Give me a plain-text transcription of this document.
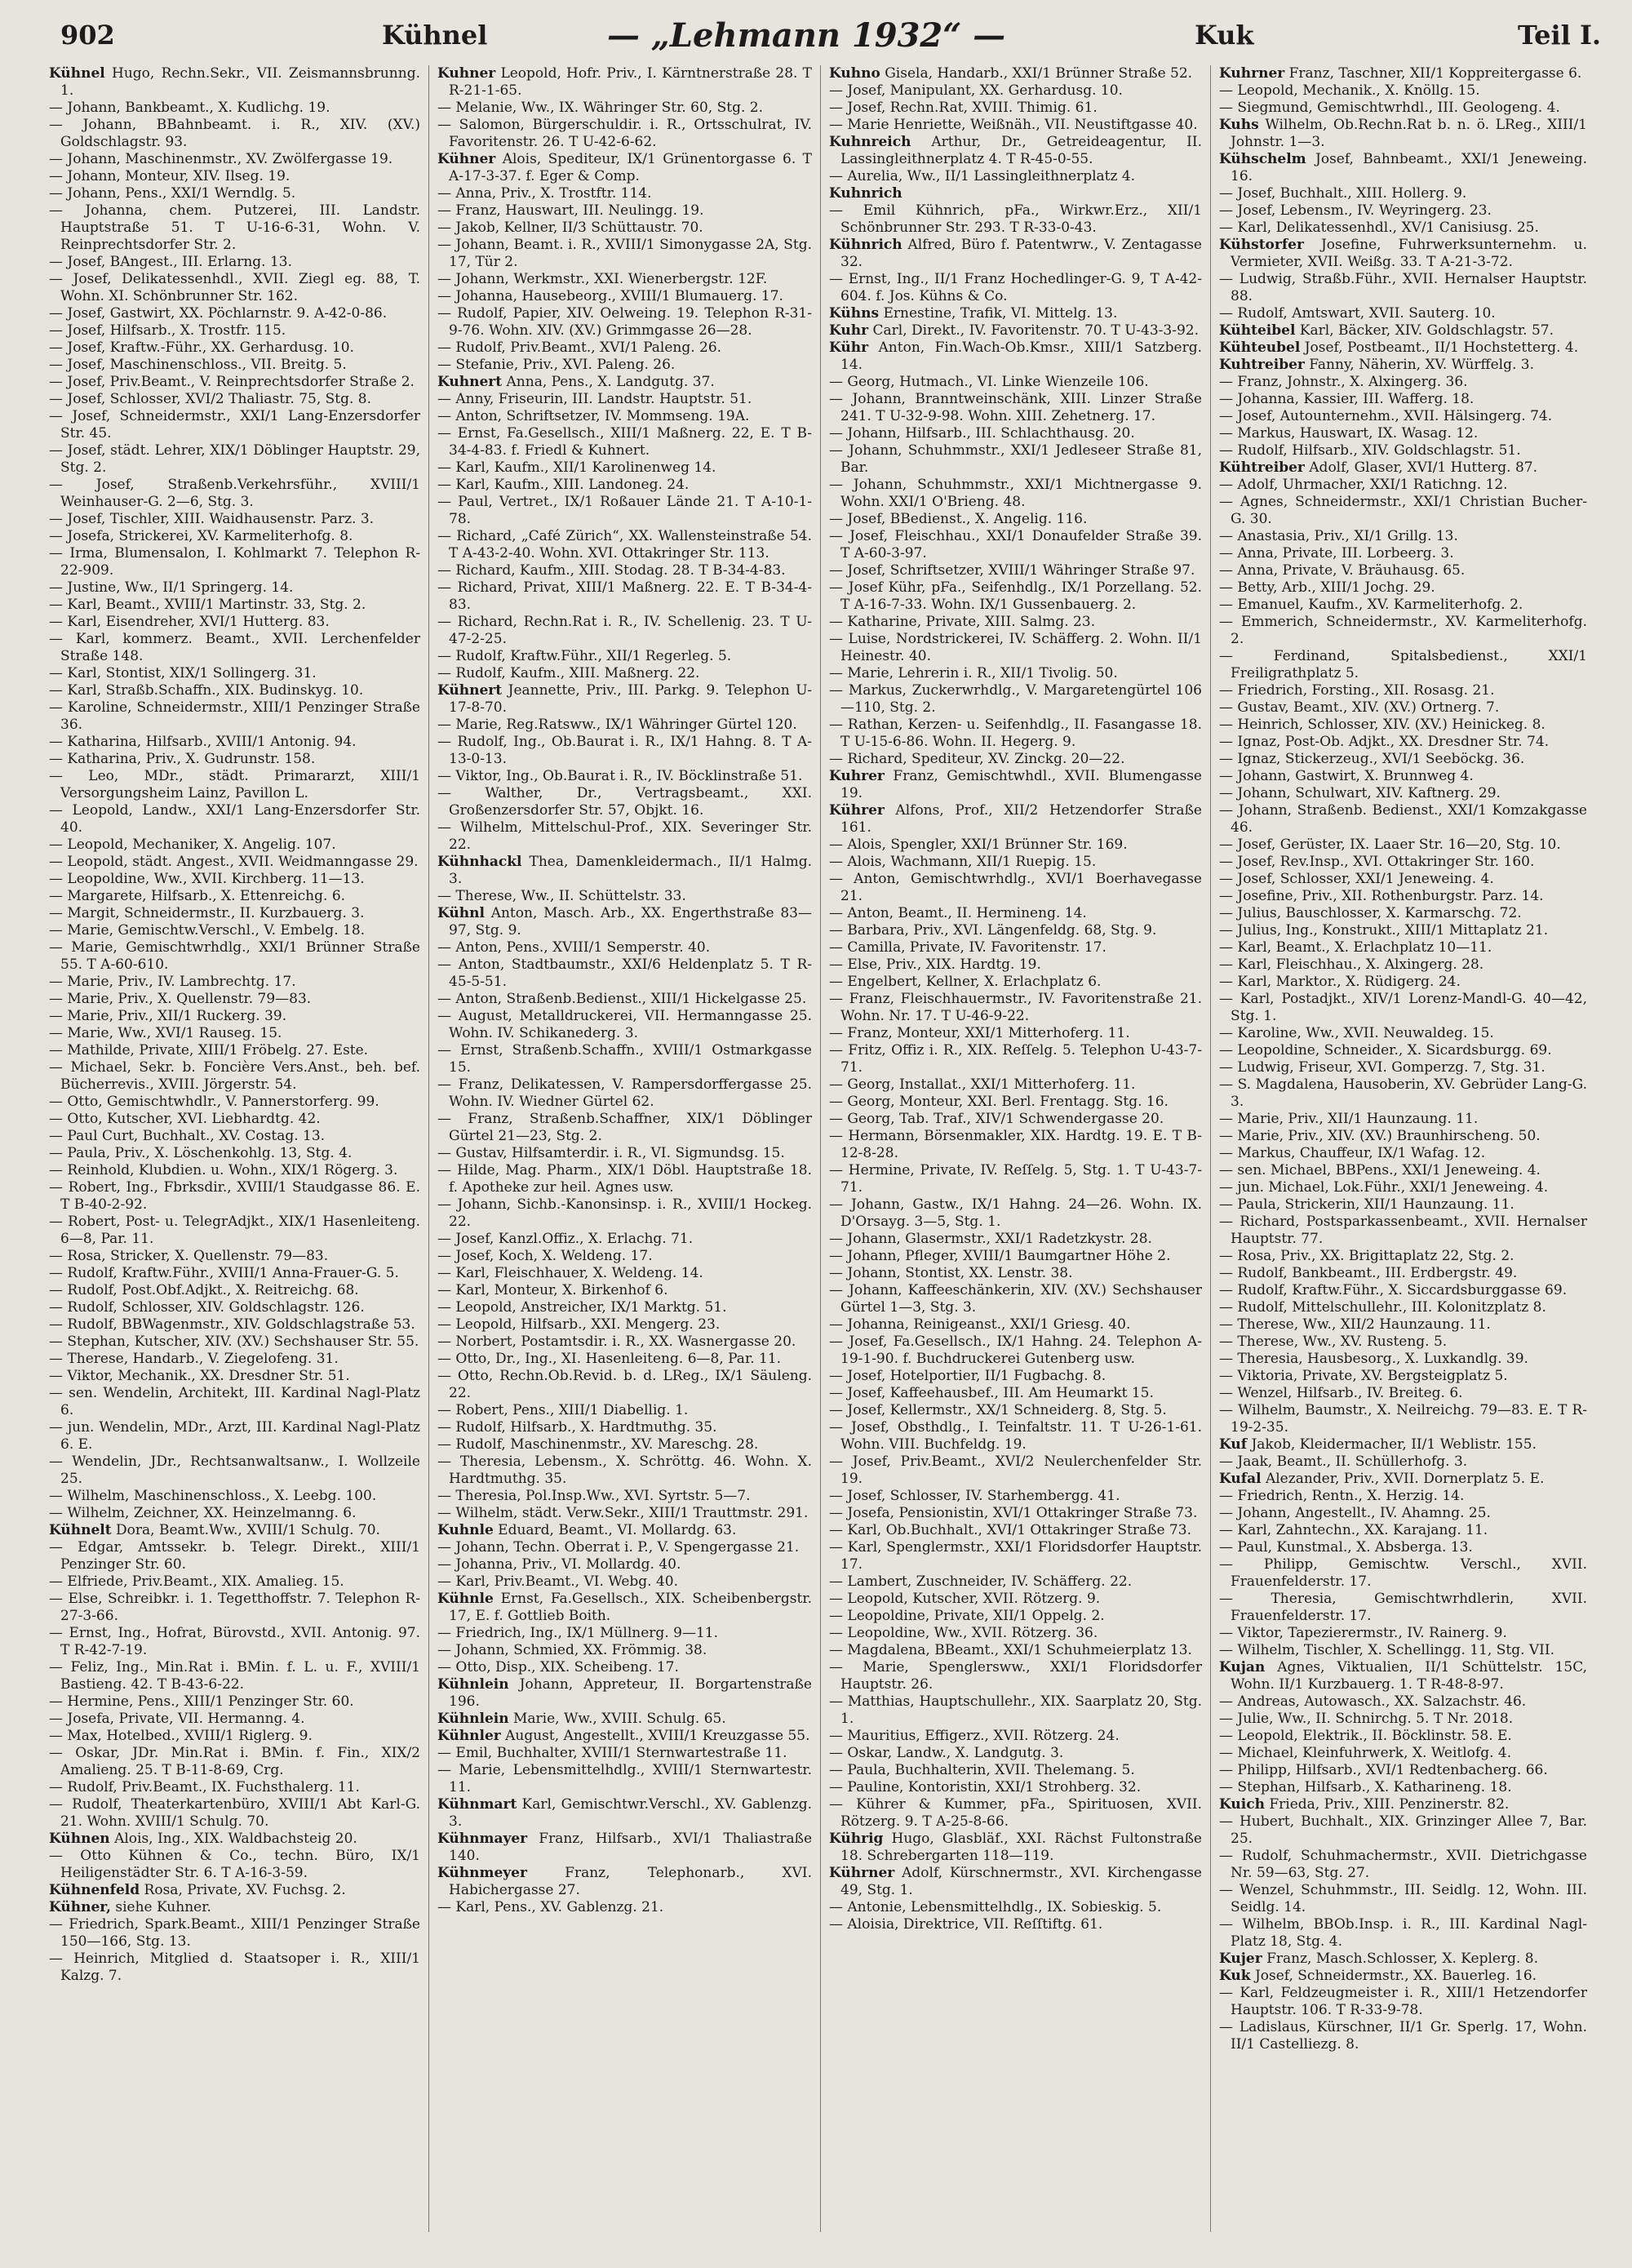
902	Kühnel	— „Lehmann 1932“ —	Kuk	Teil I.

Kühnel Hugo, Rechn.Sekr., VII. Zeismannsbrunng. 1.

— Johann, Bankbeamt., X. Kudlichg. 19.

— Johann, BBahnbeamt. i. R., XIV. (XV.) Goldschlagstr. 93.

— Johann, Maschinenmstr., XV. Zwölfergasse 19.

— Johann, Monteur, XIV. Ilseg. 19.

— Johann, Pens., XXI/1 Werndlg. 5.

— Johanna, chem. Putzerei, III. Landstr. Hauptstraße 51. T U-16-6-31, Wohn. V. Reinprechtsdorfer Str. 2.

— Josef, BAngest., III. Erlarng. 13.

— Josef, Delikatessenhdl., XVII. Ziegl eg. 88, T. Wohn. XI. Schönbrunner Str. 162.

— Josef, Gastwirt, XX. Pöchlarnstr. 9. A-42-0-86.

— Josef, Hilfsarb., X. Trostfr. 115.

— Josef, Kraftw.-Führ., XX. Gerhardusg. 10.

— Josef, Maschinenschloss., VII. Breitg. 5.

— Josef, Priv.Beamt., V. Reinprechtsdorfer Straße 2.

— Josef, Schlosser, XVI/2 Thaliastr. 75, Stg. 8.

— Josef, Schneidermstr., XXI/1 Lang-Enzersdorfer Str. 45.

— Josef, städt. Lehrer, XIX/1 Döblinger Hauptstr. 29, Stg. 2.

— Josef, Straßenb.Verkehrsführ., XVIII/1 Weinhauser-G. 2—6, Stg. 3.

— Josef, Tischler, XIII. Waidhausenstr. Parz. 3.

— Josefa, Strickerei, XV. Karmeliterhofg. 8.

— Irma, Blumensalon, I. Kohlmarkt 7. Telephon R-22-909.

— Justine, Ww., II/1 Springerg. 14.

— Karl, Beamt., XVIII/1 Martinstr. 33, Stg. 2.

— Karl, Eisendreher, XVI/1 Hutterg. 83.

— Karl, kommerz. Beamt., XVII. Lerchenfelder Straße 148.

— Karl, Stontist, XIX/1 Sollingerg. 31.

— Karl, Straßb.Schaffn., XIX. Budinskyg. 10.

— Karoline, Schneidermstr., XIII/1 Penzinger Straße 36.

— Katharina, Hilfsarb., XVIII/1 Antonig. 94.

— Katharina, Priv., X. Gudrunstr. 158.

— Leo, MDr., städt. Primararzt, XIII/1 Versorgungsheim Lainz, Pavillon L.

— Leopold, Landw., XXI/1 Lang-Enzersdorfer Str. 40.

— Leopold, Mechaniker, X. Angelig. 107.

— Leopold, städt. Angest., XVII. Weidmanngasse 29.

— Leopoldine, Ww., XVII. Kirchberg. 11—13.

— Margarete, Hilfsarb., X. Ettenreichg. 6.

— Margit, Schneidermstr., II. Kurzbauerg. 3.

— Marie, Gemischtw.Verschl., V. Embelg. 18.

— Marie, Gemischtwrhdlg., XXI/1 Brünner Straße 55. T A-60-610.

— Marie, Priv., IV. Lambrechtg. 17.

— Marie, Priv., X. Quellenstr. 79—83.

— Marie, Priv., XII/1 Ruckerg. 39.

— Marie, Ww., XVI/1 Rauseg. 15.

— Mathilde, Private, XIII/1 Fröbelg. 27. Este.

— Michael, Sekr. b. Foncière Vers.Anst., beh. bef. Bücherrevis., XVIII. Jörgerstr. 54.

— Otto, Gemischtwhdlr., V. Pannerstorferg. 99.

— Otto, Kutscher, XVI. Liebhardtg. 42.

— Paul Curt, Buchhalt., XV. Costag. 13.

— Paula, Priv., X. Löschenkohlg. 13, Stg. 4.

— Reinhold, Klubdien. u. Wohn., XIX/1 Rögerg. 3.

— Robert, Ing., Fbrksdir., XVIII/1 Staudgasse 86. E. T B-40-2-92.

— Robert, Post- u. TelegrAdjkt., XIX/1 Hasenleiteng. 6—8, Par. 11.

— Rosa, Stricker, X. Quellenstr. 79—83.

— Rudolf, Kraftw.Führ., XVIII/1 Anna-Frauer-G. 5.

— Rudolf, Post.Obf.Adjkt., X. Reitreichg. 68.

— Rudolf, Schlosser, XIV. Goldschlagstr. 126.

— Rudolf, BBWagenmstr., XIV. Goldschlagstraße 53.

— Stephan, Kutscher, XIV. (XV.) Sechshauser Str. 55.

— Therese, Handarb., V. Ziegelofeng. 31.

— Viktor, Mechanik., XX. Dresdner Str. 51.

— sen. Wendelin, Architekt, III. Kardinal Nagl-Platz 6.

— jun. Wendelin, MDr., Arzt, III. Kardinal Nagl-Platz 6. E.

— Wendelin, JDr., Rechtsanwaltsanw., I. Wollzeile 25.

— Wilhelm, Maschinenschloss., X. Leebg. 100.

— Wilhelm, Zeichner, XX. Heinzelmanng. 6.

Kühnelt Dora, Beamt.Ww., XVIII/1 Schulg. 70.

— Edgar, Amtssekr. b. Telegr. Direkt., XIII/1 Penzinger Str. 60.

— Elfriede, Priv.Beamt., XIX. Amalieg. 15.

— Else, Schreibkr. i. 1. Tegetthoffstr. 7. Telephon R-27-3-66.

— Ernst, Ing., Hofrat, Bürovstd., XVII. Antonig. 97. T R-42-7-19.

— Feliz, Ing., Min.Rat i. BMin. f. L. u. F., XVIII/1 Bastieng. 42. T B-43-6-22.

— Hermine, Pens., XIII/1 Penzinger Str. 60.

— Josefa, Private, VII. Hermanng. 4.

— Max, Hotelbed., XVIII/1 Riglerg. 9.

— Oskar, JDr. Min.Rat i. BMin. f. Fin., XIX/2 Amalieng. 25. T B-11-8-69, Crg.

— Rudolf, Priv.Beamt., IX. Fuchsthalerg. 11.

— Rudolf, Theaterkartenbüro, XVIII/1 Abt Karl-G. 21. Wohn. XVIII/1 Schulg. 70.

Kühnen Alois, Ing., XIX. Waldbachsteig 20.

— Otto Kühnen & Co., techn. Büro, IX/1 Heiligenstädter Str. 6. T A-16-3-59.

Kühnenfeld Rosa, Private, XV. Fuchsg. 2.

Kühner, siehe Kuhner.

— Friedrich, Spark.Beamt., XIII/1 Penzinger Straße 150—166, Stg. 13.

— Heinrich, Mitglied d. Staatsoper i. R., XIII/1 Kalzg. 7.

Kuhner Leopold, Hofr. Priv., I. Kärntnerstraße 28. T R-21-1-65.

— Melanie, Ww., IX. Währinger Str. 60, Stg. 2.

— Salomon, Bürgerschuldir. i. R., Ortsschulrat, IV. Favoritenstr. 26. T U-42-6-62.

Kühner Alois, Spediteur, IX/1 Grünentorgasse 6. T A-17-3-37. f. Eger & Comp.

— Anna, Priv., X. Trostftr. 114.

— Franz, Hauswart, III. Neulingg. 19.

— Jakob, Kellner, II/3 Schüttaustr. 70.

— Johann, Beamt. i. R., XVIII/1 Simonygasse 2A, Stg. 17, Tür 2.

— Johann, Werkmstr., XXI. Wienerbergstr. 12F.

— Johanna, Hausebeorg., XVIII/1 Blumauerg. 17.

— Rudolf, Papier, XIV. Oelweing. 19. Telephon R-31-9-76. Wohn. XIV. (XV.) Grimmgasse 26—28.

— Rudolf, Priv.Beamt., XVI/1 Paleng. 26.

— Stefanie, Priv., XVI. Paleng. 26.

Kuhnert Anna, Pens., X. Landgutg. 37.

— Anny, Friseurin, III. Landstr. Hauptstr. 51.

— Anton, Schriftsetzer, IV. Mommseng. 19A.

— Ernst, Fa.Gesellsch., XIII/1 Maßnerg. 22, E. T B-34-4-83. f. Friedl & Kuhnert.

— Karl, Kaufm., XII/1 Karolinenweg 14.

— Karl, Kaufm., XIII. Landoneg. 24.

— Paul, Vertret., IX/1 Roßauer Lände 21. T A-10-1-78.

— Richard, „Café Zürich“, XX. Wallensteinstraße 54. T A-43-2-40. Wohn. XVI. Ottakringer Str. 113.

— Richard, Kaufm., XIII. Stodag. 28. T B-34-4-83.

— Richard, Privat, XIII/1 Maßnerg. 22. E. T B-34-4-83.

— Richard, Rechn.Rat i. R., IV. Schellenig. 23. T U-47-2-25.

— Rudolf, Kraftw.Führ., XII/1 Regerleg. 5.

— Rudolf, Kaufm., XIII. Maßnerg. 22.

Kühnert Jeannette, Priv., III. Parkg. 9. Telephon U-17-8-70.

— Marie, Reg.Ratsww., IX/1 Währinger Gürtel 120.

— Rudolf, Ing., Ob.Baurat i. R., IX/1 Hahng. 8. T A-13-0-13.

— Viktor, Ing., Ob.Baurat i. R., IV. Böcklinstraße 51.

— Walther, Dr., Vertragsbeamt., XXI. Großenzersdorfer Str. 57, Objkt. 16.

— Wilhelm, Mittelschul-Prof., XIX. Severinger Str. 22.

Kühnhackl Thea, Damenkleidermach., II/1 Halmg. 3.

— Therese, Ww., II. Schüttelstr. 33.

Kühnl Anton, Masch. Arb., XX. Engerthstraße 83—97, Stg. 9.

— Anton, Pens., XVIII/1 Semperstr. 40.

— Anton, Stadtbaumstr., XXI/6 Heldenplatz 5. T R-45-5-51.

— Anton, Straßenb.Bedienst., XIII/1 Hickelgasse 25.

— August, Metalldruckerei, VII. Hermanngasse 25. Wohn. IV. Schikanederg. 3.

— Ernst, Straßenb.Schaffn., XVIII/1 Ostmarkgasse 15.

— Franz, Delikatessen, V. Rampersdorffergasse 25. Wohn. IV. Wiedner Gürtel 62.

— Franz, Straßenb.Schaffner, XIX/1 Döblinger Gürtel 21—23, Stg. 2.

— Gustav, Hilfsamterdir. i. R., VI. Sigmundsg. 15.

— Hilde, Mag. Pharm., XIX/1 Döbl. Hauptstraße 18. f. Apotheke zur heil. Agnes usw.

— Johann, Sichb.-Kanonsinsp. i. R., XVIII/1 Hockeg. 22.

— Josef, Kanzl.Offiz., X. Erlachg. 71.

— Josef, Koch, X. Weldeng. 17.

— Karl, Fleischhauer, X. Weldeng. 14.

— Karl, Monteur, X. Birkenhof 6.

— Leopold, Anstreicher, IX/1 Marktg. 51.

— Leopold, Hilfsarb., XXI. Mengerg. 23.

— Norbert, Postamtsdir. i. R., XX. Wasnergasse 20.

— Otto, Dr., Ing., XI. Hasenleiteng. 6—8, Par. 11.

— Otto, Rechn.Ob.Revid. b. d. LReg., IX/1 Säuleng. 22.

— Robert, Pens., XIII/1 Diabellig. 1.

— Rudolf, Hilfsarb., X. Hardtmuthg. 35.

— Rudolf, Maschinenmstr., XV. Mareschg. 28.

— Theresia, Lebensm., X. Schröttg. 46. Wohn. X. Hardtmuthg. 35.

— Theresia, Pol.Insp.Ww., XVI. Syrtstr. 5—7.

— Wilhelm, städt. Verw.Sekr., XIII/1 Trauttmstr. 291.

Kuhnle Eduard, Beamt., VI. Mollardg. 63.

— Johann, Techn. Oberrat i. P., V. Spengergasse 21.

— Johanna, Priv., VI. Mollardg. 40.

— Karl, Priv.Beamt., VI. Webg. 40.

Kühnle Ernst, Fa.Gesellsch., XIX. Scheibenbergstr. 17, E. f. Gottlieb Boith.

— Friedrich, Ing., IX/1 Müllnerg. 9—11.

— Johann, Schmied, XX. Frömmig. 38.

— Otto, Disp., XIX. Scheibeng. 17.

Kühnlein Johann, Appreteur, II. Borgartenstraße 196.

Kühnlein Marie, Ww., XVIII. Schulg. 65.

Kühnler August, Angestellt., XVIII/1 Kreuzgasse 55.

— Emil, Buchhalter, XVIII/1 Sternwartestraße 11.

— Marie, Lebensmittelhdlg., XVIII/1 Sternwartestr. 11.

Kühnmart Karl, Gemischtwr.Verschl., XV. Gablenzg. 3.

Kühnmayer Franz, Hilfsarb., XVI/1 Thaliastraße 140.

Kühnmeyer Franz, Telephonarb., XVI. Habichergasse 27.

— Karl, Pens., XV. Gablenzg. 21.

Kuhno Gisela, Handarb., XXI/1 Brünner Straße 52.

— Josef, Manipulant, XX. Gerhardusg. 10.

— Josef, Rechn.Rat, XVIII. Thimig. 61.

— Marie Henriette, Weißnäh., VII. Neustiftgasse 40.

Kuhnreich Arthur, Dr., Getreideagentur, II. Lassingleithnerplatz 4. T R-45-0-55.

— Aurelia, Ww., II/1 Lassingleithnerplatz 4.

Kuhnrich

— Emil Kühnrich, pFa., Wirkwr.Erz., XII/1 Schönbrunner Str. 293. T R-33-0-43.

Kühnrich Alfred, Büro f. Patentwrw., V. Zentagasse 32.

— Ernst, Ing., II/1 Franz Hochedlinger-G. 9, T A-42-604. f. Jos. Kühns & Co.

Kühns Ernestine, Trafik, VI. Mittelg. 13.

Kuhr Carl, Direkt., IV. Favoritenstr. 70. T U-43-3-92.

Kühr Anton, Fin.Wach-Ob.Kmsr., XIII/1 Satzberg. 14.

— Georg, Hutmach., VI. Linke Wienzeile 106.

— Johann, Branntweinschänk, XIII. Linzer Straße 241. T U-32-9-98. Wohn. XIII. Zehetnerg. 17.

— Johann, Hilfsarb., III. Schlachthausg. 20.

— Johann, Schuhmmstr., XXI/1 Jedleseer Straße 81, Bar.

— Johann, Schuhmmstr., XXI/1 Michtnergasse 9. Wohn. XXI/1 O'Brieng. 48.

— Josef, BBedienst., X. Angelig. 116.

— Josef, Fleischhau., XXI/1 Donaufelder Straße 39. T A-60-3-97.

— Josef, Schriftsetzer, XVIII/1 Währinger Straße 97.

— Josef Kühr, pFa., Seifenhdlg., IX/1 Porzellang. 52. T A-16-7-33. Wohn. IX/1 Gussenbauerg. 2.

— Katharine, Private, XIII. Salmg. 23.

— Luise, Nordstrickerei, IV. Schäfferg. 2. Wohn. II/1 Heinestr. 40.

— Marie, Lehrerin i. R., XII/1 Tivolig. 50.

— Markus, Zuckerwrhdlg., V. Margaretengürtel 106—110, Stg. 2.

— Rathan, Kerzen- u. Seifenhdlg., II. Fasangasse 18. T U-15-6-86. Wohn. II. Hegerg. 9.

— Richard, Spediteur, XV. Zinckg. 20—22.

Kuhrer Franz, Gemischtwhdl., XVII. Blumengasse 19.

Kührer Alfons, Prof., XII/2 Hetzendorfer Straße 161.

— Alois, Spengler, XXI/1 Brünner Str. 169.

— Alois, Wachmann, XII/1 Ruepig. 15.

— Anton, Gemischtwrhdlg., XVI/1 Boerhavegasse 21.

— Anton, Beamt., II. Hermineng. 14.

— Barbara, Priv., XVI. Längenfeldg. 68, Stg. 9.

— Camilla, Private, IV. Favoritenstr. 17.

— Else, Priv., XIX. Hardtg. 19.

— Engelbert, Kellner, X. Erlachplatz 6.

— Franz, Fleischhauermstr., IV. Favoritenstraße 21. Wohn. Nr. 17. T U-46-9-22.

— Franz, Monteur, XXI/1 Mitterhoferg. 11.

— Fritz, Offiz i. R., XIX. Reſſelg. 5. Telephon U-43-7-71.

— Georg, Installat., XXI/1 Mitterhoferg. 11.

— Georg, Monteur, XXI. Berl. Frentagg. Stg. 16.

— Georg, Tab. Traf., XIV/1 Schwendergasse 20.

— Hermann, Börsenmakler, XIX. Hardtg. 19. E. T B-12-8-28.

— Hermine, Private, IV. Reſſelg. 5, Stg. 1. T U-43-7-71.

— Johann, Gastw., IX/1 Hahng. 24—26. Wohn. IX. D'Orsayg. 3—5, Stg. 1.

— Johann, Glasermstr., XXI/1 Radetzkystr. 28.

— Johann, Pfleger, XVIII/1 Baumgartner Höhe 2.

— Johann, Stontist, XX. Lenstr. 38.

— Johann, Kaffeeschänkerin, XIV. (XV.) Sechshauser Gürtel 1—3, Stg. 3.

— Johanna, Reinigeanst., XXI/1 Griesg. 40.

— Josef, Fa.Gesellsch., IX/1 Hahng. 24. Telephon A-19-1-90. f. Buchdruckerei Gutenberg usw.

— Josef, Hotelportier, II/1 Fugbachg. 8.

— Josef, Kaffeehausbef., III. Am Heumarkt 15.

— Josef, Kellermstr., XX/1 Schneiderg. 8, Stg. 5.

— Josef, Obsthdlg., I. Teinfaltstr. 11. T U-26-1-61. Wohn. VIII. Buchfeldg. 19.

— Josef, Priv.Beamt., XVI/2 Neulerchenfelder Str. 19.

— Josef, Schlosser, IV. Starhembergg. 41.

— Josefa, Pensionistin, XVI/1 Ottakringer Straße 73.

— Karl, Ob.Buchhalt., XVI/1 Ottakringer Straße 73.

— Karl, Spenglermstr., XXI/1 Floridsdorfer Hauptstr. 17.

— Lambert, Zuschneider, IV. Schäfferg. 22.

— Leopold, Kutscher, XVII. Rötzerg. 9.

— Leopoldine, Private, XII/1 Oppelg. 2.

— Leopoldine, Ww., XVII. Rötzerg. 36.

— Magdalena, BBeamt., XXI/1 Schuhmeierplatz 13.

— Marie, Spenglersww., XXI/1 Floridsdorfer Hauptstr. 26.

— Matthias, Hauptschullehr., XIX. Saarplatz 20, Stg. 1.

— Mauritius, Effigerz., XVII. Rötzerg. 24.

— Oskar, Landw., X. Landgutg. 3.

— Paula, Buchhalterin, XVII. Thelemang. 5.

— Pauline, Kontoristin, XXI/1 Strohberg. 32.

— Kührer & Kummer, pFa., Spirituosen, XVII. Rötzerg. 9. T A-25-8-66.

Kührig Hugo, Glasbläf., XXI. Rächst Fultonstraße 18. Schrebergarten 118—119.

Kührner Adolf, Kürschnermstr., XVI. Kirchengasse 49, Stg. 1.

— Antonie, Lebensmittelhdlg., IX. Sobieskig. 5.

— Aloisia, Direktrice, VII. Reſſtiftg. 61.

Kuhrner Franz, Taschner, XII/1 Koppreitergasse 6.

— Leopold, Mechanik., X. Knöllg. 15.

— Siegmund, Gemischtwrhdl., III. Geologeng. 4.

Kuhs Wilhelm, Ob.Rechn.Rat b. n. ö. LReg., XIII/1 Johnstr. 1—3.

Kühschelm Josef, Bahnbeamt., XXI/1 Jeneweing. 16.

— Josef, Buchhalt., XIII. Hollerg. 9.

— Josef, Lebensm., IV. Weyringerg. 23.

— Karl, Delikatessenhdl., XV/1 Canisiusg. 25.

Kühstorfer Josefine, Fuhrwerksunternehm. u. Vermieter, XVII. Weißg. 33. T A-21-3-72.

— Ludwig, Straßb.Führ., XVII. Hernalser Hauptstr. 88.

— Rudolf, Amtswart, XVII. Sauterg. 10.

Kühteibel Karl, Bäcker, XIV. Goldschlagstr. 57.

Kühteubel Josef, Postbeamt., II/1 Hochstetterg. 4.

Kuhtreiber Fanny, Näherin, XV. Würffelg. 3.

— Franz, Johnstr., X. Alxingerg. 36.

— Johanna, Kassier, III. Wafferg. 18.

— Josef, Autounternehm., XVII. Hälsingerg. 74.

— Markus, Hauswart, IX. Wasag. 12.

— Rudolf, Hilfsarb., XIV. Goldschlagstr. 51.

Kühtreiber Adolf, Glaser, XVI/1 Hutterg. 87.

— Adolf, Uhrmacher, XXI/1 Ratichng. 12.

— Agnes, Schneidermstr., XXI/1 Christian Bucher-G. 30.

— Anastasia, Priv., XI/1 Grillg. 13.

— Anna, Private, III. Lorbeerg. 3.

— Anna, Private, V. Bräuhausg. 65.

— Betty, Arb., XIII/1 Jochg. 29.

— Emanuel, Kaufm., XV. Karmeliterhofg. 2.

— Emmerich, Schneidermstr., XV. Karmeliterhofg. 2.

— Ferdinand, Spitalsbedienst., XXI/1 Freiligrathplatz 5.

— Friedrich, Forsting., XII. Rosasg. 21.

— Gustav, Beamt., XIV. (XV.) Ortnerg. 7.

— Heinrich, Schlosser, XIV. (XV.) Heinickeg. 8.

— Ignaz, Post-Ob. Adjkt., XX. Dresdner Str. 74.

— Ignaz, Stickerzeug., XVI/1 Seeböckg. 36.

— Johann, Gastwirt, X. Brunnweg 4.

— Johann, Schulwart, XIV. Kaftnerg. 29.

— Johann, Straßenb. Bedienst., XXI/1 Komzakgasse 46.

— Josef, Gerüster, IX. Laaer Str. 16—20, Stg. 10.

— Josef, Rev.Insp., XVI. Ottakringer Str. 160.

— Josef, Schlosser, XXI/1 Jeneweing. 4.

— Josefine, Priv., XII. Rothenburgstr. Parz. 14.

— Julius, Bauschlosser, X. Karmarschg. 72.

— Julius, Ing., Konstrukt., XIII/1 Mittaplatz 21.

— Karl, Beamt., X. Erlachplatz 10—11.

— Karl, Fleischhau., X. Alxingerg. 28.

— Karl, Marktor., X. Rüdigerg. 24.

— Karl, Postadjkt., XIV/1 Lorenz-Mandl-G. 40—42, Stg. 1.

— Karoline, Ww., XVII. Neuwaldeg. 15.

— Leopoldine, Schneider., X. Sicardsburgg. 69.

— Ludwig, Friseur, XVI. Gomperzg. 7, Stg. 31.

— S. Magdalena, Hausoberin, XV. Gebrüder Lang-G. 3.

— Marie, Priv., XII/1 Haunzaung. 11.

— Marie, Priv., XIV. (XV.) Braunhirscheng. 50.

— Markus, Chauffeur, IX/1 Wafag. 12.

— sen. Michael, BBPens., XXI/1 Jeneweing. 4.

— jun. Michael, Lok.Führ., XXI/1 Jeneweing. 4.

— Paula, Strickerin, XII/1 Haunzaung. 11.

— Richard, Postsparkassenbeamt., XVII. Hernalser Hauptstr. 77.

— Rosa, Priv., XX. Brigittaplatz 22, Stg. 2.

— Rudolf, Bankbeamt., III. Erdbergstr. 49.

— Rudolf, Kraftw.Führ., X. Siccardsburggasse 69.

— Rudolf, Mittelschullehr., III. Kolonitzplatz 8.

— Therese, Ww., XII/2 Haunzaung. 11.

— Therese, Ww., XV. Rusteng. 5.

— Theresia, Hausbesorg., X. Luxkandlg. 39.

— Viktoria, Private, XV. Bergsteigplatz 5.

— Wenzel, Hilfsarb., IV. Breiteg. 6.

— Wilhelm, Baumstr., X. Neilreichg. 79—83. E. T R-19-2-35.

Kuf Jakob, Kleidermacher, II/1 Weblistr. 155.

— Jaak, Beamt., II. Schüllerhofg. 3.

Kufal Alezander, Priv., XVII. Dornerplatz 5. E.

— Friedrich, Rentn., X. Herzig. 14.

— Johann, Angestellt., IV. Ahamng. 25.

— Karl, Zahntechn., XX. Karajang. 11.

— Paul, Kunstmal., X. Absberga. 13.

— Philipp, Gemischtw. Verschl., XVII. Frauenfelderstr. 17.

— Theresia, Gemischtwrhdlerin, XVII. Frauenfelderstr. 17.

— Viktor, Tapezierermstr., IV. Rainerg. 9.

— Wilhelm, Tischler, X. Schellingg. 11, Stg. VII.

Kujan Agnes, Viktualien, II/1 Schüttelstr. 15C, Wohn. II/1 Kurzbauerg. 1. T R-48-8-97.

— Andreas, Autowasch., XX. Salzachstr. 46.

— Julie, Ww., II. Schnirchg. 5. T Nr. 2018.

— Leopold, Elektrik., II. Böcklinstr. 58. E.

— Michael, Kleinfuhrwerk, X. Weitlofg. 4.

— Philipp, Hilfsarb., XVI/1 Redtenbacherg. 66.

— Stephan, Hilfsarb., X. Katharineng. 18.

Kuich Frieda, Priv., XIII. Penzinerstr. 82.

— Hubert, Buchhalt., XIX. Grinzinger Allee 7, Bar. 25.

— Rudolf, Schuhmachermstr., XVII. Dietrichgasse Nr. 59—63, Stg. 27.

— Wenzel, Schuhmmstr., III. Seidlg. 12, Wohn. III. Seidlg. 14.

— Wilhelm, BBOb.Insp. i. R., III. Kardinal Nagl-Platz 18, Stg. 4.

Kujer Franz, Masch.Schlosser, X. Keplerg. 8.

Kuk Josef, Schneidermstr., XX. Bauerleg. 16.

— Karl, Feldzeugmeister i. R., XIII/1 Hetzendorfer Hauptstr. 106. T R-33-9-78.

— Ladislaus, Kürschner, II/1 Gr. Sperlg. 17, Wohn. II/1 Castelliezg. 8.
